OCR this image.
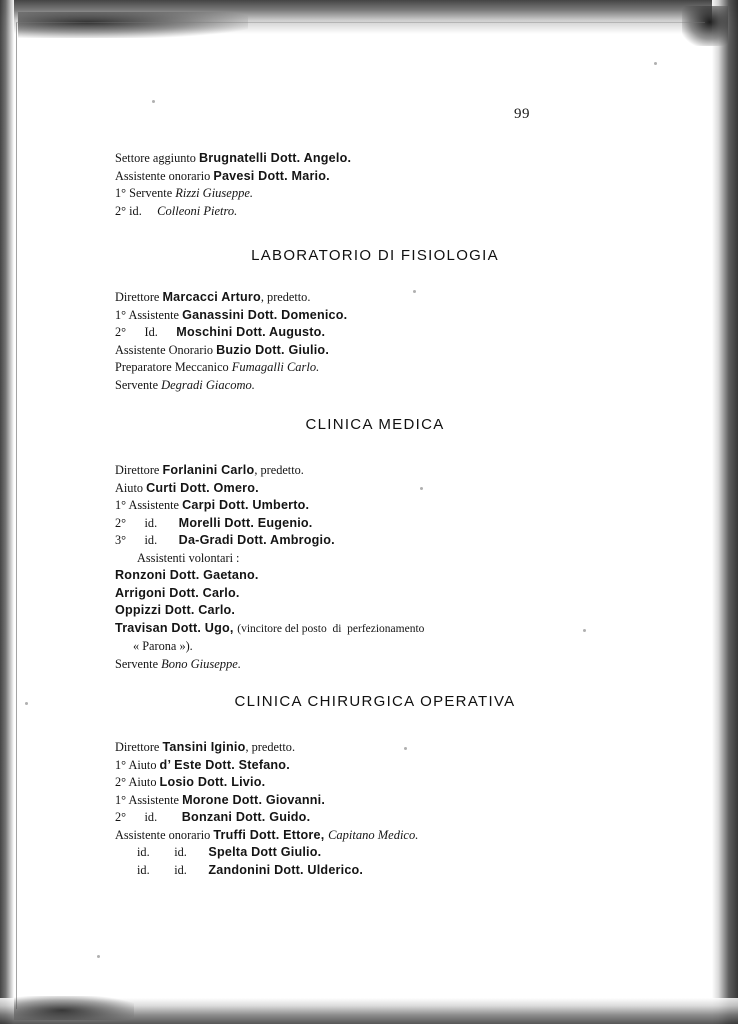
99
Settore aggiunto Brugnatelli Dott. Angelo.
Assistente onorario Pavesi Dott. Mario.
1° Servente Rizzi Giuseppe.
2° id.     Colleoni Pietro.
LABORATORIO DI FISIOLOGIA
Direttore Marcacci Arturo, predetto.
1° Assistente Ganassini Dott. Domenico.
2°      Id.      Moschini Dott. Augusto.
Assistente Onorario Buzio Dott. Giulio.
Preparatore Meccanico Fumagalli Carlo.
Servente Degradi Giacomo.
CLINICA MEDICA
Direttore Forlanini Carlo, predetto.
Aiuto Curti Dott. Omero.
1° Assistente Carpi Dott. Umberto.
2°      id.       Morelli Dott. Eugenio.
3°      id.       Da-Gradi Dott. Ambrogio.
Assistenti volontari :
Ronzoni Dott. Gaetano.
Arrigoni Dott. Carlo.
Oppizzi Dott. Carlo.
Travisan Dott. Ugo, (vincitore del posto  di  perfezionamento
« Parona »).
Servente Bono Giuseppe.
CLINICA CHIRURGICA OPERATIVA
Direttore Tansini Iginio, predetto.
1° Aiuto d’ Este Dott. Stefano.
2° Aiuto Losio Dott. Livio.
1° Assistente Morone Dott. Giovanni.
2°      id.        Bonzani Dott. Guido.
Assistente onorario Truffi Dott. Ettore, Capitano Medico.
id.        id.       Spelta Dott Giulio.
id.        id.       Zandonini Dott. Ulderico.
